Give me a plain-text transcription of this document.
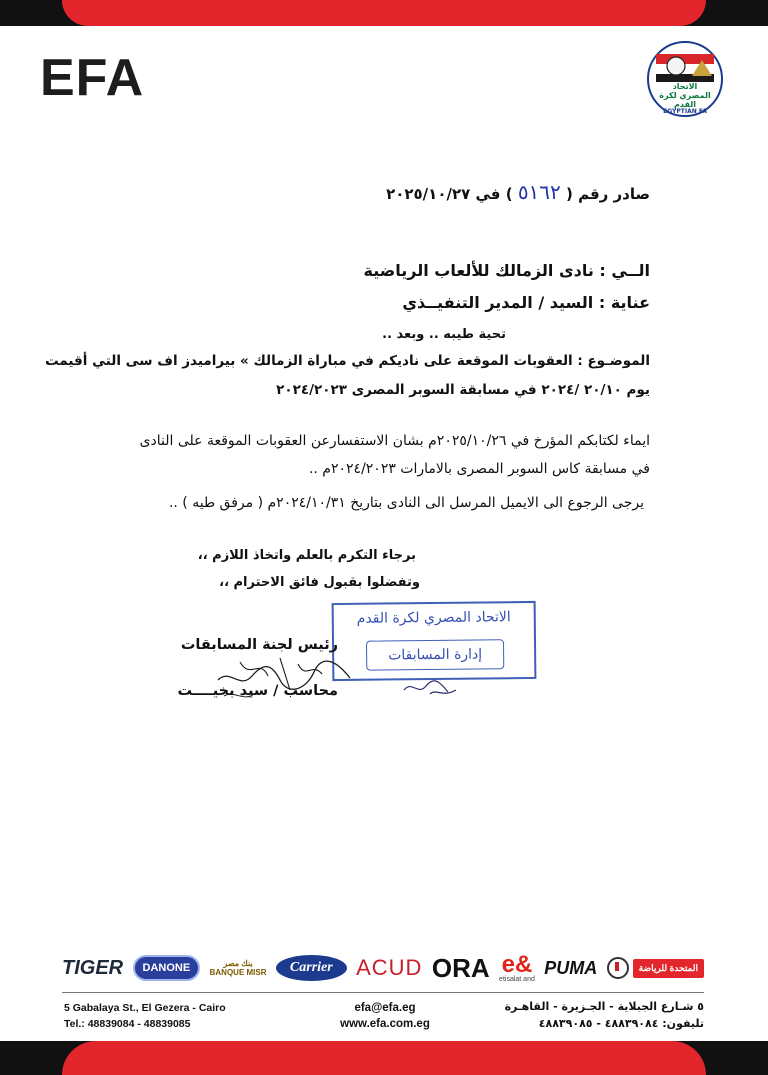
EFA	الاتحاد المصري لكرة القدم
EGYPTIAN FA
صادر رقم ( ٥١٦٢ ) في ٢٠٢٥/١٠/٢٧
الــي : نادى الزمالك للألعاب الرياضية
عناية : السيد / المدير التنفيــذي
تحية طيبه .. وبعد ..
الموضـوع : العقوبات الموقعة على ناديكم في مباراة الزمالك » بيراميدز اف سى التي أقيمت
يوم ٢٠/١٠ /٢٠٢٤ في مسابقة السوبر المصرى ٢٠٢٤/٢٠٢٣
ايماء لكتابكم المؤرخ في ٢٠٢٥/١٠/٢٦م بشان الاستفسارعن العقوبات الموقعة على النادى
في مسابقة كاس السوبر المصرى بالامارات ٢٠٢٤/٢٠٢٣م ..
يرجى الرجوع الى الايميل المرسل الى النادى بتاريخ ٢٠٢٤/١٠/٣١م ( مرفق طيه ) ..
برجاء التكرم بالعلم واتخاذ اللازم ،،
وتفضلوا بقبول فائق الاحترام ،،
الاتحاد المصري لكرة القدم
إدارة المسابقات
رئيس لجنة المسابقات
محاسب / سيد بخيــــت
TIGER	DANONE	بنك مصر
BANQUE MISR	Carrier	ACUD ORA e&
etisalat and
PUMA	المتحدة للرياضة
5 Gabalaya St., El Gezera - Cairo
Tel.: 48839084 - 48839085
efa@efa.eg
www.efa.com.eg
٥ شـارع الجبلاية - الجـزيرة - القاهـرة
تليفون: ٤٨٨٣٩٠٨٤ - ٤٨٨٣٩٠٨٥
